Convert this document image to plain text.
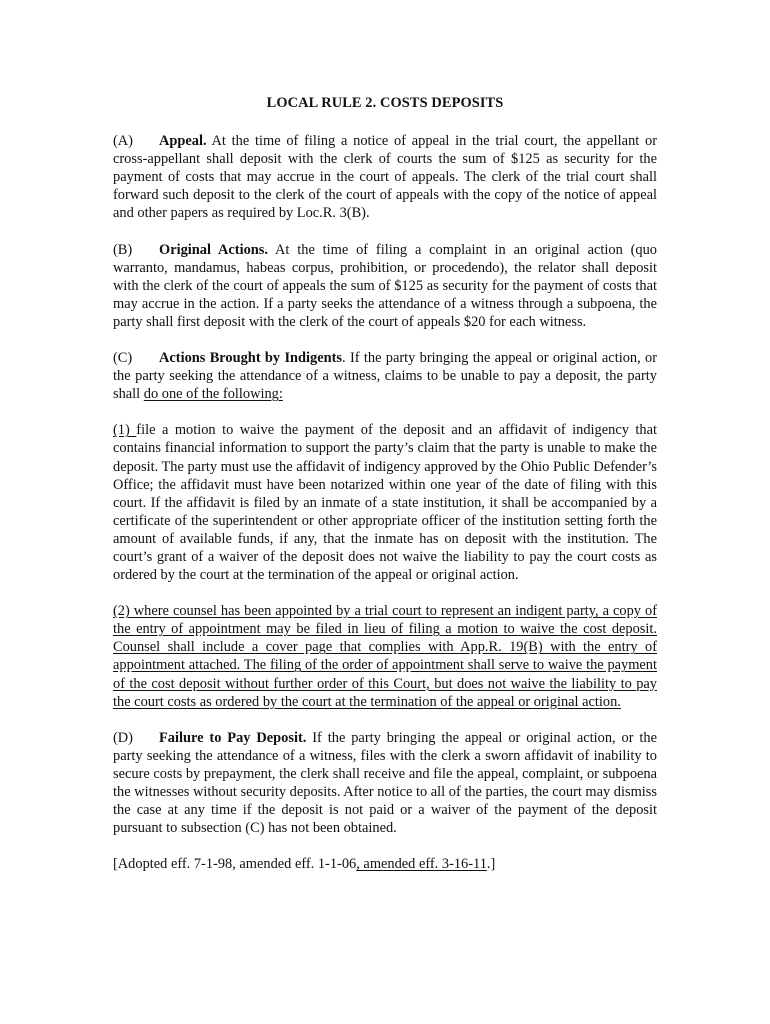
LOCAL RULE 2. COSTS DEPOSITS
(A) Appeal. At the time of filing a notice of appeal in the trial court, the appellant or cross-appellant shall deposit with the clerk of courts the sum of $125 as security for the payment of costs that may accrue in the court of appeals. The clerk of the trial court shall forward such deposit to the clerk of the court of appeals with the copy of the notice of appeal and other papers as required by Loc.R. 3(B).
(B) Original Actions. At the time of filing a complaint in an original action (quo warranto, mandamus, habeas corpus, prohibition, or procedendo), the relator shall deposit with the clerk of the court of appeals the sum of $125 as security for the payment of costs that may accrue in the action. If a party seeks the attendance of a witness through a subpoena, the party shall first deposit with the clerk of the court of appeals $20 for each witness.
(C) Actions Brought by Indigents. If the party bringing the appeal or original action, or the party seeking the attendance of a witness, claims to be unable to pay a deposit, the party shall do one of the following:
(1) file a motion to waive the payment of the deposit and an affidavit of indigency that contains financial information to support the party’s claim that the party is unable to make the deposit. The party must use the affidavit of indigency approved by the Ohio Public Defender’s Office; the affidavit must have been notarized within one year of the date of filing with this court. If the affidavit is filed by an inmate of a state institution, it shall be accompanied by a certificate of the superintendent or other appropriate officer of the institution setting forth the amount of available funds, if any, that the inmate has on deposit with the institution. The court’s grant of a waiver of the deposit does not waive the liability to pay the court costs as ordered by the court at the termination of the appeal or original action.
(2) where counsel has been appointed by a trial court to represent an indigent party, a copy of the entry of appointment may be filed in lieu of filing a motion to waive the cost deposit. Counsel shall include a cover page that complies with App.R. 19(B) with the entry of appointment attached. The filing of the order of appointment shall serve to waive the payment of the cost deposit without further order of this Court, but does not waive the liability to pay the court costs as ordered by the court at the termination of the appeal or original action.
(D) Failure to Pay Deposit. If the party bringing the appeal or original action, or the party seeking the attendance of a witness, files with the clerk a sworn affidavit of inability to secure costs by prepayment, the clerk shall receive and file the appeal, complaint, or subpoena the witnesses without security deposits. After notice to all of the parties, the court may dismiss the case at any time if the deposit is not paid or a waiver of the payment of the deposit pursuant to subsection (C) has not been obtained.
[Adopted eff. 7-1-98, amended eff. 1-1-06, amended eff. 3-16-11.]
